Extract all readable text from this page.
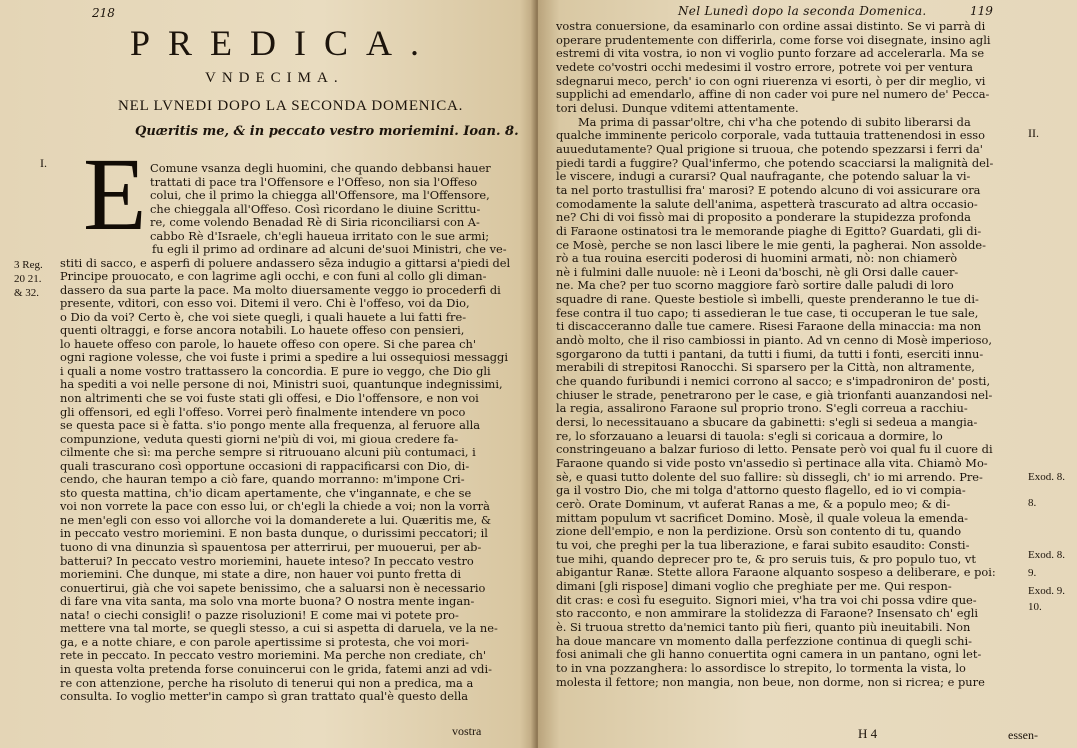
218
PREDICA.
VNDECIMA.
NEL LVNEDI DOPO LA SECONDA DOMENICA.
Quæritis me, & in peccato vestro moriemini. Ioan. 8.
I. E
3 Reg.
20 21.
& 32.
Comune vsanza degli huomini, che quando debbansi hauer
trattati di pace tra l'Offensore e l'Offeso, non sia l'Offeso
colui, che il primo la chiegga all'Offensore, ma l'Offensore,
che chieggala all'Offeso. Così ricordano le diuine Scrittu-
re, come volendo Benadad Rè di Siria riconciliarsi con A-
cabbo Rè d'Israele, ch'egli haueua irritato con le sue armi;
fu egli il primo ad ordinare ad alcuni de'suoi Ministri, che ve-
stiti di sacco, e asperfi di poluere andassero sēza indugio a gittarsi a'piedi del
Principe prouocato, e con lagrime agli occhi, e con funi al collo gli diman-
dassero da sua parte la pace. Ma molto diuersamente veggo io procederfi di
presente, vditori, con esso voi. Ditemi il vero. Chi è l'offeso, voi da Dio,
o Dio da voi? Certo è, che voi siete quegli, i quali hauete a lui fatti fre-
quenti oltraggi, e forse ancora notabili. Lo hauete offeso con pensieri,
lo hauete offeso con parole, lo hauete offeso con opere. Si che parea ch'
ogni ragione volesse, che voi fuste i primi a spedire a lui ossequiosi messaggi
i quali a nome vostro trattassero la concordia. E pure io veggo, che Dio gli
ha spediti a voi nelle persone di noi, Ministri suoi, quantunque indegnissimi,
non altrimenti che se voi fuste stati gli offesi, e Dio l'offensore, e non voi
gli offensori, ed egli l'offeso. Vorrei però finalmente intendere vn poco
se questa pace si è fatta. s'io pongo mente alla frequenza, al feruore alla
compunzione, veduta questi giorni ne'più di voi, mi gioua credere fa-
cilmente che sì: ma perche sempre si ritruouano alcuni più contumaci, i
quali trascurano così opportune occasioni di rappacificarsi con Dio, di-
cendo, che hauran tempo a ciò fare, quando morranno: m'impone Cri-
sto questa mattina, ch'io dicam apertamente, che v'ingannate, e che se
voi non vorrete la pace con esso lui, or ch'egli la chiede a voi; non la vorrà
ne men'egli con esso voi allorche voi la domanderete a lui. Quæritis me, &
in peccato vestro moriemini. E non basta dunque, o durissimi peccatori; il
tuono di vna dinunzia sì spauentosa per atterrirui, per muouerui, per ab-
batterui? In peccato vestro moriemini, hauete inteso? In peccato vestro
moriemini. Che dunque, mi state a dire, non hauer voi punto fretta di
conuertirui, già che voi sapete benissimo, che a saluarsi non è necessario
di fare vna vita santa, ma solo vna morte buona? O nostra mente ingan-
nata! o ciechi consigli! o pazze risoluzioni! E come mai vi potete pro-
mettere vna tal morte, se quegli stesso, a cui si aspetta di daruela, ve la ne-
ga, e a notte chiare, e con parole apertissime si protesta, che voi mori-
rete in peccato. In peccato vestro moriemini. Ma perche non crediate, ch'
in questa volta pretenda forse conuincerui con le grida, fatemi anzi ad vdi-
re con attenzione, perche ha risoluto di tenerui qui non a predica, ma a
consulta. Io voglio metter'in campo sì gran trattato qual'è questo della
vostra
Nel Lunedì dopo la seconda Domenica.	119
II.
Exod. 8.
8.
Exod. 8.
9.
Exod. 9.
10.
vostra conuersione, da esaminarlo con ordine assai distinto. Se vi parrà di
operare prudentemente con differirla, come forse voi disegnate, insino agli
estremi di vita vostra, io non vi voglio punto forzare ad accelerarla. Ma se
vedete co'vostri occhi medesimi il vostro errore, potrete voi per ventura
sdegnarui meco, perch' io con ogni riuerenza vi esorti, ò per dir meglio, vi
supplichi ad emendarlo, affine di non cader voi pure nel numero de' Pecca-
tori delusi. Dunque vditemi attentamente.
Ma prima di passar'oltre, chi v'ha che potendo di subito liberarsi da
qualche imminente pericolo corporale, vada tuttauia trattenendosi in esso
auuedutamente? Qual prigione si truoua, che potendo spezzarsi i ferri da'
piedi tardi a fuggire? Qual'infermo, che potendo scacciarsi la malignità del-
le viscere, indugi a curarsi? Qual naufragante, che potendo saluar la vi-
ta nel porto trastullisi fra' marosi? E potendo alcuno di voi assicurare ora
comodamente la salute dell'anima, aspetterà trascurato ad altra occasio-
ne? Chi di voi fissò mai di proposito a ponderare la stupidezza profonda
di Faraone ostinatosi tra le memorande piaghe di Egitto? Guardati, gli di-
ce Mosè, perche se non lasci libere le mie genti, la pagherai. Non assolde-
rò a tua rouina eserciti poderosi di huomini armati, nò: non chiamerò
nè i fulmini dalle nuuole: nè i Leoni da'boschi, nè gli Orsi dalle cauer-
ne. Ma che? per tuo scorno maggiore farò sortire dalle paludi di loro
squadre di rane. Queste bestiole sì imbelli, queste prenderanno le tue di-
fese contra il tuo capo; ti assedieran le tue case, ti occuperan le tue sale,
ti discacceranno dalle tue camere. Risesi Faraone della minaccia: ma non
andò molto, che il riso cambiossi in pianto. Ad vn cenno di Mosè imperioso,
sgorgarono da tutti i pantani, da tutti i fiumi, da tutti i fonti, eserciti innu-
merabili di strepitosi Ranocchi. Si sparsero per la Città, non altramente,
che quando furibundi i nemici corrono al sacco; e s'impadroniron de' posti,
chiuser le strade, penetrarono per le case, e già trionfanti auanzandosi nel-
la regia, assalirono Faraone sul proprio trono. S'egli correua a racchiu-
dersi, lo necessitauano a sbucare da gabinetti: s'egli si sedeua a mangia-
re, lo sforzauano a leuarsi di tauola: s'egli si coricaua a dormire, lo
constringeuano a balzar furioso di letto. Pensate però voi qual fu il cuore di
Faraone quando si vide posto vn'assedio sì pertinace alla vita. Chiamò Mo-
sè, e quasi tutto dolente del suo fallire: sù dissegli, ch' io mi arrendo. Pre-
ga il vostro Dio, che mi tolga d'attorno questo flagello, ed io vi compia-
cerò. Orate Dominum, vt auferat Ranas a me, & a populo meo; & di-
mittam populum vt sacrificet Domino. Mosè, il quale voleua la emenda-
zione dell'empio, e non la perdizione. Orsù son contento di tu, quando
tu voi, che preghi per la tua liberazione, e farai subito esaudito: Consti-
tue mihi, quando deprecer pro te, & pro seruis tuis, & pro populo tuo, vt
abigantur Ranæ. Stette allora Faraone alquanto sospeso a deliberare, e poi:
dimani [gli rispose] dimani voglio che preghiate per me. Qui respon-
dit cras: e così fu eseguito. Signori miei, v'ha tra voi chi possa vdire que-
sto racconto, e non ammirare la stolidezza di Faraone? Insensato ch' egli
è. Si truoua stretto da'nemici tanto più fieri, quanto più ineuitabili. Non
ha doue mancare vn momento dalla perfezzione continua di quegli schi-
fosi animali che gli hanno conuertita ogni camera in un pantano, ogni let-
to in vna pozzanghera: lo assordisce lo strepito, lo tormenta la vista, lo
molesta il fettore; non mangia, non beue, non dorme, non si ricrea; e pure
H 4	essen-
